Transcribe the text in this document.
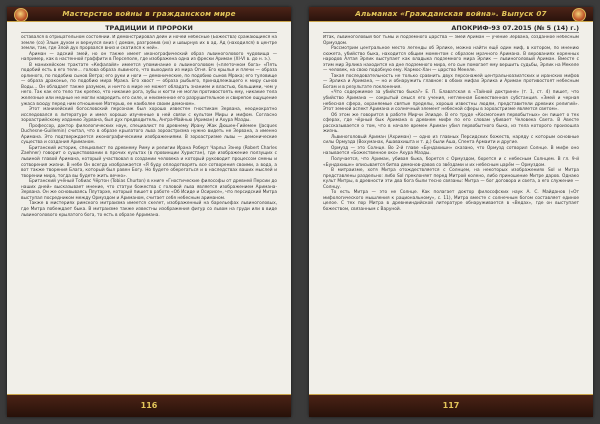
Мастерство войны в гражданском мире
ТРАДИЦИИ И ПРОРОКИ

оставался в отрицательном состоянии. И демонстрировал дейн и ночей небесные (Божества) сражающиеся на земле (со) Злым духом и вернулся вниз ( домам, разгромив (их) и швырнув их в ад. Ад (находился) в центре земли, там, где Злой дух прорвался вниз и скатился к ней».

Ариман — адский змей, но он также имеет иконографический образ львиноголового чудовища — например, как в настенной граффити в Персеполе, где изображена одна из фрески Ариман (XI-VI в. до н. э.).

В манихейском трактате «Кефалайя» имеется упоминание о львиноголовом («плеточном бога» «Пять подобий есть в его теле… голова образа львиного, что выходила из мира Огня. Его крылья и плечи — образа орлиного, по подобию сынов Ветра; его руки и ноги — демонические, по подобию сынов Мрака; его туловище — образа драконье, по подобию мира Мрака. Его хвост — образа рыбьего, принадлежащего к миру сынов Воды… Он обладает также разумом, и ничто в мире не может обладать знанием и властью, большими, чем у него. Так как его тело так крепко, что никакие рога, зубы и когти не могли противостоять ему, никакие тела железные или медные не могли навредить его силе, и неизменное его разрушительное и свирепое ощущение ужаса всюду перед ним отношение Матерью, ее наиболее своим демоном».

Этот манихейский богословский персонаж был хорошо известен гностикам Зервана, неоднократно исследовался в литературе и имел хорошо изученные в ней связи с культом Миры и мифом. Согласно зороастрийскому изданию Зурвана, был дух предводитель, Ангра-Майнью (Ариман) и Ахура Мазды.

Профессор, доктор филологических наук, специалист по древнему Ирану Жак Дюшен-Гийемен (Jacques Duchesne-Guillemin) считал, что в образе крылатого льва зороастризма нужно видеть не Зервана, а именно Аримана. Это подтверждается иконографическими изображениями. В зороастризме львы — демонические существа и создания Ариманом.

Британский историк, специалист по древнему Риму и религии Ирана Роберт Чарльз Зэнер (Robert Charles Zaehner) говорит о существовании в прочих культах (в провинции Хуристан), где изображение ползущих с львиной главой Аримана, который участвовал в создании человека и который руководит процессом смены и сотворения жизни. В небе Он всегда изображается «Я буду оплодотворять все сотворения своими, а вода, а вот также творения Блага, который был равен Богу. Но будете оберегаться и в наследствах ваших мыслей и творении мира, тогда вы будете жить вечно».

Британский учёный Тобиас Чёртон (Tobias Churton) в книге «Гностические философы от древней Персии до наших дней» высказывает мнение, что статуи божества с головой льва является изображением Аримана-Зервана. Он же основываясь Плутархе, который пишет в работе «Об Исиде и Осирисе», что персидский Митра выступал посредником между Ормуздом и Ариманом, считает себя небесным ариманом.

Также в мистериях римского митраизма имеется скелет, изображенный на барельефах львиноголовых, где Митра побеждает быка. В митраизме также известны изображения фигур со львом на груди или в виде львиноголового крылатого бога, то есть в образе Арримана.

116
Альманах «Гражданская война». Выпуск 07
АПОКРИФ-93 07.2015 (№ 5 (14) г.)

Итак, львиноголовый бог тьмы и подземного царства — змей Ариман — учение Зервана, созданное небесным Ормуздом.

Рассмотрим центральное место легенды об Эрлике, можно найти ещё один миф, в котором, по мнению сюжета, убийство быка, находится общим моментом с образом мрачного Аримана. В верованиях коренных народов Алтая Эрлик выступает как владыка подземного мира Эрлик — львиноголовый Ариман. Вместе с этим мир Эрлика находится на дне подземного мира, его сын помогает ему вершить судьбы, Эрлик на Мекеле — человек, на свою подобную ему. Кармос-Хан — царство Мекеле.

Такая последовательность не только сравнить двух персонажей центральноазиатских и иранских мифов — Эрлика и Аримана, — но и обнаружить главное: в обоих мифах Эрлика и Ариман противостоят небесным Богам и в результате поклонения.

«Что содержимое за убийство быка?» Е. П. Блаватская в «Тайной доктрине» (т. 1, ст. 4) пишет, что убийство Аримана — сокрытый смысл его учения, нетленная Божественная субстанция. «Змей и черная небесная сфера, охраняемые святые пределы, хорошо известны людям, представители древних религий». Этот земной аспект Аримана и солнечный элемент небесной сферы в зороастризме является светом».

Об этом же говорится в работе Мирчи Элиаде. В его труде «Космогония первобытных» он пишет о тех сферах, где чёрный бык Аримана в древнем мифе по его словам убивает Человека Света. В Авесте рассказывается о том, что в начале времен Ариман убил первобытного быка, из тела которого произошла жизнь.

Львиноголовый Ариман (Ахриман) — одно из главных Персидских божеств, наряду с которым основные силы Ормузда (Вохуманах, Ашавахишта и т. д.) были Аша, Спента Армаити и другие.

Ормузд — это Солнце. Во 2-й главе «Бундахишн» сказано, что Ормузд сотворил Солнце. В мифе оно называется «Божественное око» Ахура Мазды.

Получается, что Ариман, убивая быка, борется с Ормуздом, борется и с небесным Солнцем. В гл. 9-й «Бундахишн» описывается битва демонов-дэвов со звёздами и их небесным царём — Ормуздом.

В митраизме, хотя Митра отождествляется с Солнцем, на некоторых изображениях Sol и Митра представлены раздельно: либо Sol преклоняет перед Митрой колено, либо приношение Митре даров. Однако культ Митры, в древности эти два бога были тесно связаны: Митра — бог договора и света, а его служение — Солнцу.

То есть Митра — это не Солнце. Как полагает доктор философских наук А. С. Майданов («От мифологического мышления к рациональному», с. 11), Митра вместе с солнечным богом составляет единое целое. С тех пор Митра в древнеиндийской литературе обнаруживается в «Ведах», где он выступает божеством, связанным с Варуной.

117
